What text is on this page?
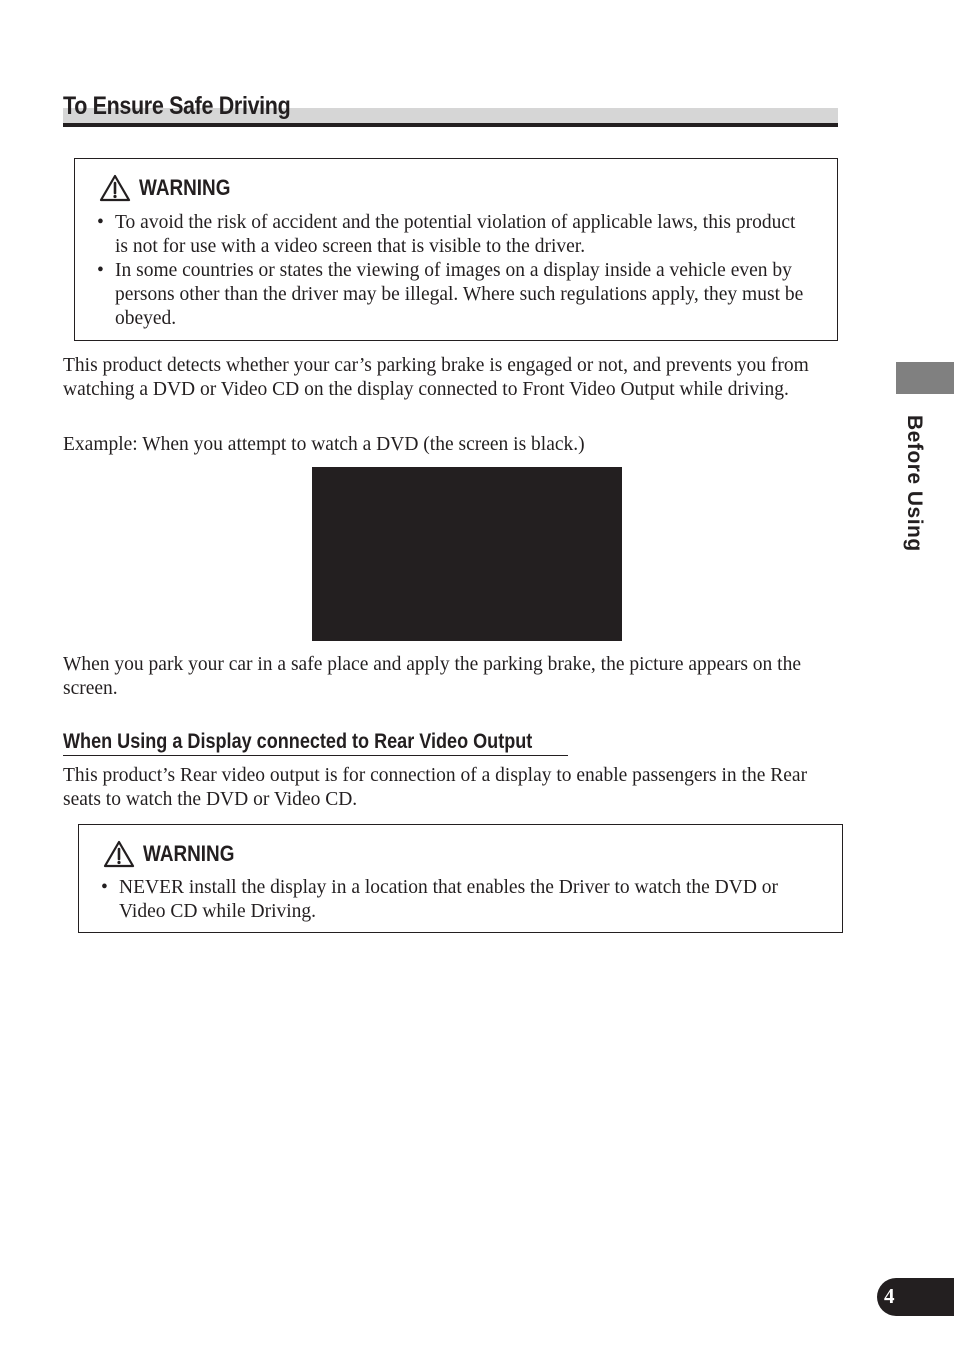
To Ensure Safe Driving
WARNING
• To avoid the risk of accident and the potential violation of applicable laws, this product is not for use with a video screen that is visible to the driver.
• In some countries or states the viewing of images on a display inside a vehicle even by persons other than the driver may be illegal. Where such regulations apply, they must be obeyed.

This product detects whether your car’s parking brake is engaged or not, and prevents you from watching a DVD or Video CD on the display connected to Front Video Output while driving.

Example: When you attempt to watch a DVD (the screen is black.)

When you park your car in a safe place and apply the parking brake, the picture appears on the screen.

When Using a Display connected to Rear Video Output

This product’s Rear video output is for connection of a display to enable passengers in the Rear seats to watch the DVD or Video CD.

WARNING
• NEVER install the display in a location that enables the Driver to watch the DVD or Video CD while Driving.
Before Using
4
